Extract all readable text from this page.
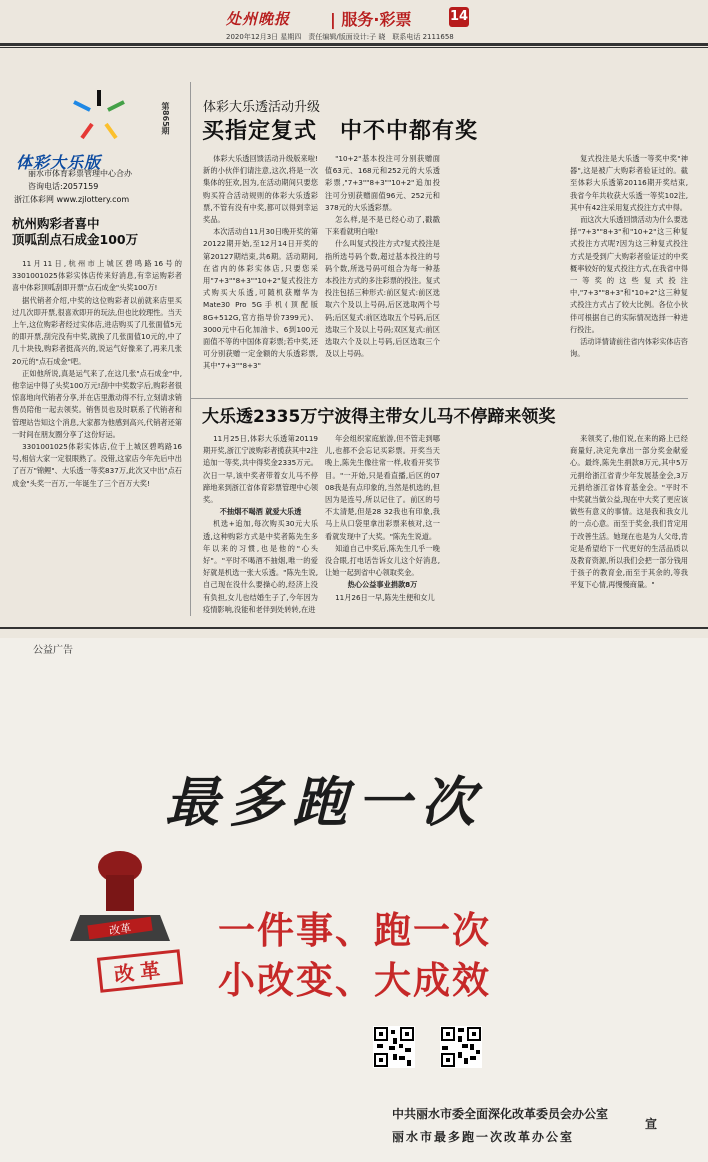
处州晚报 | 服务·彩票	14
2020年12月3日 星期四　责任编辑/版面设计:子 晓　联系电话 2111658
体彩大乐版
第865期
丽水市体育彩票管理中心合办
咨询电话:2057159
浙江体彩网 www.zjlottery.com
杭州购彩者喜中
顶呱刮点石成金100万

11月11日,杭州市上城区碧鸣路16号的3301001025体彩实体店传来好消息,有幸运购彩者喜中体彩顶呱刮即开票"点石成金"头奖100万!

据代销者介绍,中奖的这位购彩者以前就来店里买过几次即开票,很喜欢即开的玩法,但也比较理性。当天上午,这位购彩者经过实体店,进店购买了几张面值5元的即开票,刮完没有中奖,就换了几张面值10元的,中了几十块钱,购彩者挺高兴的,说运气好像来了,再来几张20元的"点石成金"吧。

正如他所说,真是运气来了,在这几张"点石成金"中,他幸运中得了头奖100万元!刮中中奖数字后,购彩者很惊喜地向代销者分享,并在店里激动得不行,立刻请求销售员陪他一起去领奖。销售员也及时联系了代销者和管理站告知这个消息,大家都为他感到高兴,代销者还第一时间在朋友圈分享了这份好运。

3301001025体彩实体店,位于上城区碧鸣路16号,相信大家一定很眼熟了。没错,这家店今年先后中出了百万"锦鲤"、大乐透一等奖837万,此次又中出"点石成金"头奖一百万,一年诞生了三个百万大奖!

体彩大乐透活动升级
买指定复式　中不中都有奖

体彩大乐透回馈活动升级版来啦!新的小伙伴们请注意,这次,将是一次集体的狂欢,因为,在活动期间只要您购买符合活动规则的体彩大乐透彩票,不管有没有中奖,都可以得到幸运奖品。

本次活动自11月30日晚开奖的第20122期开始,至12月14日开奖的第20127期结束,共6期。活动期间,在省内的体彩实体店,只要您采用"7+3""8+3""10+2"复式投注方式购买大乐透,可随机获赠华为Mate30 Pro 5G手机(顶配版8G+512G,官方指导价7399元)、3000元中石化加油卡、6到100元面值不等的中国体育彩票;若中奖,还可分别获赠一定金额的大乐透彩票,其中"7+3""8+3"

"10+2"基本投注可分别获赠面值63元、168元和252元的大乐透彩票,"7+3""8+3""10+2"追加投注可分别获赠面值96元、252元和378元的大乐透彩票。

怎么样,是不是已经心动了,戳戳下来看就明白啦!

什么叫复式投注方式?复式投注是指所选号码个数,超过基本投注的号码个数,所选号码可组合为每一种基本投注方式的多注彩票的投注。复式投注包括三种形式:前区复式:前区选取六个及以上号码,后区选取两个号码;后区复式:前区选取五个号码,后区选取三个及以上号码;双区复式:前区选取六个及以上号码,后区选取三个及以上号码。

复式投注是大乐透一等奖中奖"神器",这是被广大购彩者验证过的。截至体彩大乐透第20116期开奖结束,我省今年共收获大乐透一等奖102注,其中有42注采用复式投注方式中得。

而这次大乐透回馈活动为什么要选择"7+3""8+3"和"10+2"这三种复式投注方式呢?因为这三种复式投注方式是受到广大购彩者验证过的中奖概率较好的复式投注方式,在我省中得一等奖的这些复式投注中,"7+3""8+3"和"10+2"这三种复式投注方式占了较大比例。各位小伙伴可根据自己的实际情况选择一种进行投注。

活动详情请前往省内体彩实体店咨询。

大乐透2335万宁波得主带女儿马不停蹄来领奖

11月25日,体彩大乐透第20119期开奖,浙江宁波购彩者揽获其中2注追加一等奖,共中得奖金2335万元。次日一早,该中奖者带着女儿马不停蹄地来到浙江省体育彩票管理中心领奖。

不抽烟不喝酒 就爱大乐透

机选+追加,每次购买30元大乐透,这种购彩方式是中奖者陈先生多年以来的习惯,也是他的"心头好"。"平时不喝酒不抽烟,唯一的爱好就是机选一张大乐透。"陈先生说,自己现在没什么要操心的,经济上没有负担,女儿也结婚生子了,今年因为疫情影响,没能和老伴到处转转,在进

年会组织家庭旅游,但不管走到哪儿,也都不会忘记买彩票。开奖当天晚上,陈先生像往常一样,收看开奖节目。"一开始,只是看直播,后区的07 08我是有点印象的,当然是机选的,但因为是连号,所以记住了。前区的号不太清楚,但是28 32我也有印象,我马上从口袋里拿出彩票来核对,这一看就发现中了大奖。"陈先生说道。

知道自己中奖后,陈先生几乎一晚没合眼,打电话告诉女儿这个好消息,让她一起到省中心领取奖金。

热心公益事业捐款8万

11月26日一早,陈先生便和女儿

来领奖了,他们说,在来的路上已经商量好,决定先拿出一部分奖金献爱心。最终,陈先生捐款8万元,其中5万元捐给浙江省青少年发展基金会,3万元捐给浙江省体育基金会。"平时不中奖就当做公益,现在中大奖了更应该做些有意义的事情。这是我和我女儿的一点心意。而至于奖金,我们肯定用于改善生活。她现在也是为人父母,肯定是希望给下一代更好的生活品质以及教育资源,所以我们会把一部分钱用于孩子的教育金,而至于其余的,等我平复下心情,再慢慢商量。"

公益广告
最多跑一次
改革
改革
一件事、跑一次
小改变、大成效
中共丽水市委全面深化改革委员会办公室
丽水市最多跑一次改革办公室
宣
